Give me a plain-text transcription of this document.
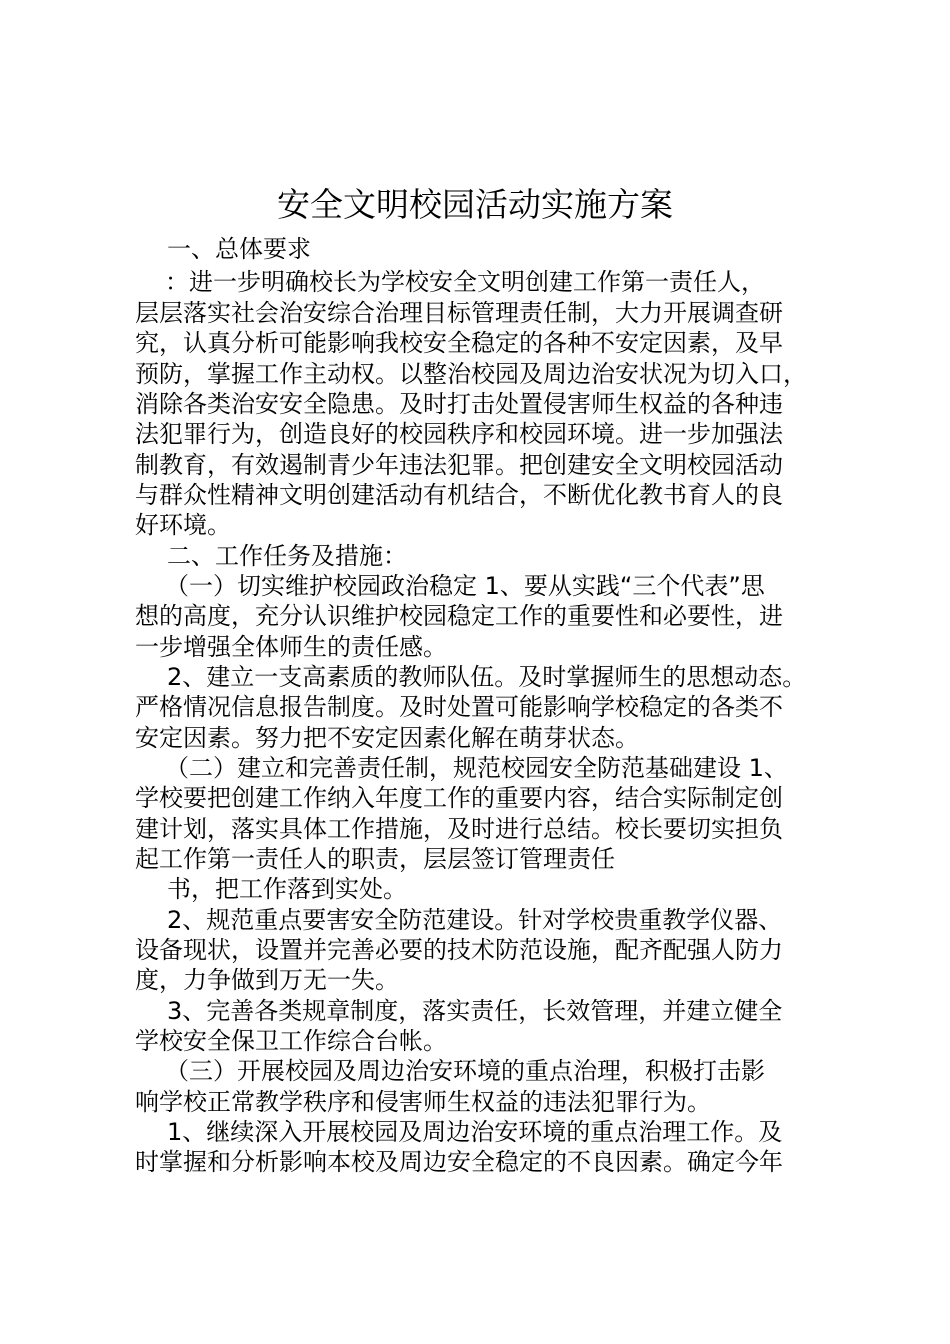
安全文明校园活动实施方案
一、总体要求
：进一步明确校长为学校安全文明创建工作第一责任人，
层层落实社会治安综合治理目标管理责任制，大力开展调查研
究，认真分析可能影响我校安全稳定的各种不安定因素，及早
预防，掌握工作主动权。以整治校园及周边治安状况为切入口，
消除各类治安安全隐患。及时打击处置侵害师生权益的各种违
法犯罪行为，创造良好的校园秩序和校园环境。进一步加强法
制教育，有效遏制青少年违法犯罪。把创建安全文明校园活动
与群众性精神文明创建活动有机结合，不断优化教书育人的良
好环境。
二、工作任务及措施：
（一）切实维护校园政治稳定 1、要从实践“三个代表”思
想的高度，充分认识维护校园稳定工作的重要性和必要性，进
一步增强全体师生的责任感。
2、建立一支高素质的教师队伍。及时掌握师生的思想动态。
严格情况信息报告制度。及时处置可能影响学校稳定的各类不
安定因素。努力把不安定因素化解在萌芽状态。
（二）建立和完善责任制，规范校园安全防范基础建设 1、
学校要把创建工作纳入年度工作的重要内容，结合实际制定创
建计划，落实具体工作措施，及时进行总结。校长要切实担负
起工作第一责任人的职责，层层签订管理责任
书，把工作落到实处。
2、规范重点要害安全防范建设。针对学校贵重教学仪器、
设备现状，设置并完善必要的技术防范设施，配齐配强人防力
度，力争做到万无一失。
3、完善各类规章制度，落实责任，长效管理，并建立健全
学校安全保卫工作综合台帐。
（三）开展校园及周边治安环境的重点治理，积极打击影
响学校正常教学秩序和侵害师生权益的违法犯罪行为。
1、继续深入开展校园及周边治安环境的重点治理工作。及
时掌握和分析影响本校及周边安全稳定的不良因素。确定今年
